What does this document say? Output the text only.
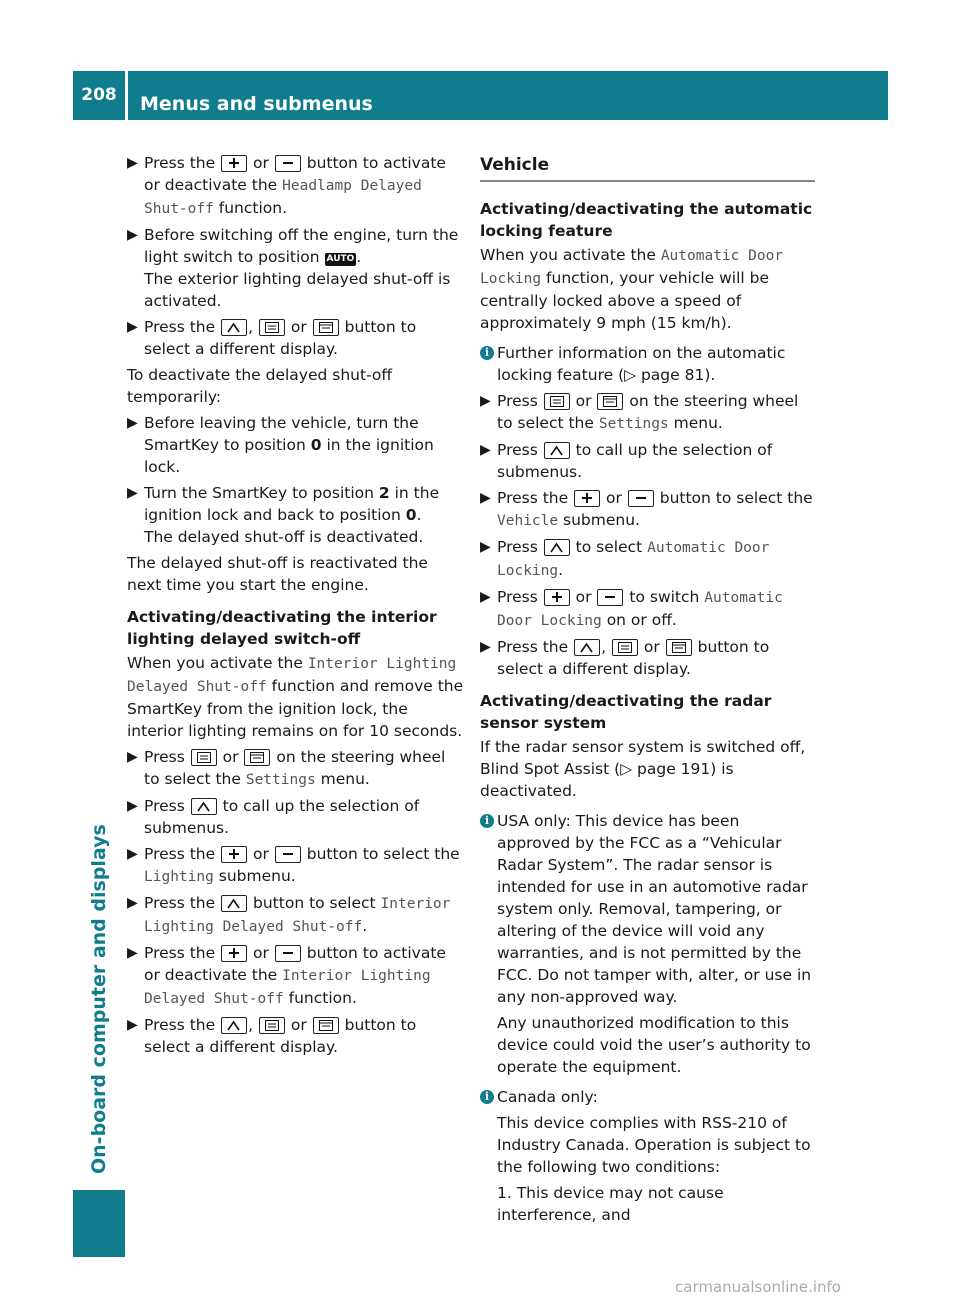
208	Menus and submenus
On-board computer and displays
▶ Press the  or  button to activate or deactivate the Headlamp Delayed Shut-off function.
▶ Before switching off the engine, turn the light switch to position AUTO .
The exterior lighting delayed shut-off is activated.
▶ Press the
,
or
button to select a different display.
To deactivate the delayed shut-off temporarily:
▶ Before leaving the vehicle, turn the SmartKey to position 0 in the ignition lock.
▶ Turn the SmartKey to position 2 in the ignition lock and back to position 0.
The delayed shut-off is deactivated.
The delayed shut-off is reactivated the next time you start the engine.
Activating/deactivating the interior lighting delayed switch-off
When you activate the Interior Lighting Delayed Shut-off function and remove the SmartKey from the ignition lock, the interior lighting remains on for 10 seconds.
▶ Press
or
on the steering wheel to select the Settings menu.
▶ Press
to call up the selection of submenus.
▶ Press the  or  button to select the Lighting submenu.
▶ Press the
button to select Interior Lighting Delayed Shut-off.
▶ Press the  or  button to activate or deactivate the Interior Lighting Delayed Shut-off function.
▶ Press the
,
or
button to select a different display.
Vehicle
Activating/deactivating the automatic locking feature
When you activate the Automatic Door Locking function, your vehicle will be centrally locked above a speed of approximately 9 mph (15 km/h).
i Further information on the automatic locking feature (▷ page 81).
▶ Press
or
on the steering wheel to select the Settings menu.
▶ Press
to call up the selection of submenus.
▶ Press the  or  button to select the Vehicle submenu.
▶ Press
to select Automatic Door Locking.
▶ Press  or  to switch Automatic Door Locking on or off.
▶ Press the
,
or
button to select a different display.
Activating/deactivating the radar sensor system
If the radar sensor system is switched off, Blind Spot Assist (▷ page 191) is deactivated.
i USA only: This device has been approved by the FCC as a “Vehicular Radar System”. The radar sensor is intended for use in an automotive radar system only. Removal, tampering, or altering of the device will void any warranties, and is not permitted by the FCC. Do not tamper with, alter, or use in any non-approved way.
Any unauthorized modification to this device could void the user’s authority to operate the equipment.
i Canada only:
This device complies with RSS-210 of Industry Canada. Operation is subject to the following two conditions:
1. This device may not cause interference, and
carmanualsonline.info
